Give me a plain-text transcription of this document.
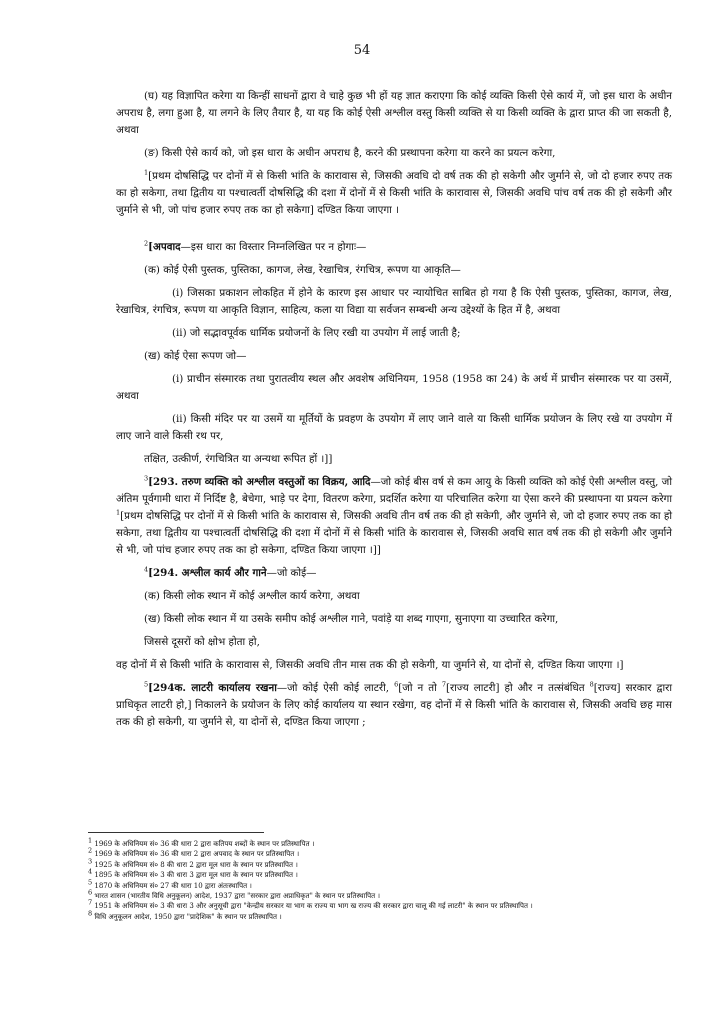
54

(घ) यह विज्ञापित करेगा या किन्हीं साधनों द्वारा वे चाहे कुछ भी हों यह ज्ञात कराएगा कि कोई व्यक्ति किसी ऐसे कार्य में, जो इस धारा के अधीन अपराध है, लगा हुआ है, या लगने के लिए तैयार है, या यह कि कोई ऐसी अश्लील वस्तु किसी व्यक्ति से या किसी व्यक्ति के द्वारा प्राप्त की जा सकती है, अथवा

(ङ) किसी ऐसे कार्य को, जो इस धारा के अधीन अपराध है, करने की प्रस्थापना करेगा या करने का प्रयत्न करेगा,

$^1$[प्रथम दोषसिद्धि पर दोनों में से किसी भांति के कारावास से, जिसकी अवधि दो वर्ष तक की हो सकेगी और जुर्माने से, जो दो हजार रुपए तक का हो सकेगा, तथा द्वितीय या पश्चात्वर्ती दोषसिद्धि की दशा में दोनों में से किसी भांति के कारावास से, जिसकी अवधि पांच वर्ष तक की हो सकेगी और जुर्माने से भी, जो पांच हजार रुपए तक का हो सकेगा] दण्डित किया जाएगा ।

$^2$[अपवाद—इस धारा का विस्तार निम्नलिखित पर न होगाः—

(क) कोई ऐसी पुस्तक, पुस्तिका, कागज, लेख, रेखाचित्र, रंगचित्र, रूपण या आकृति—

(i) जिसका प्रकाशन लोकहित में होने के कारण इस आधार पर न्यायोचित साबित हो गया है कि ऐसी पुस्तक, पुस्तिका, कागज, लेख, रेखाचित्र, रंगचित्र, रूपण या आकृति विज्ञान, साहित्य, कला या विद्या या सर्वजन सम्बन्धी अन्य उद्देश्यों के हित में है, अथवा

(ii) जो सद्भावपूर्वक धार्मिक प्रयोजनों के लिए रखी या उपयोग में लाई जाती है;

(ख) कोई ऐसा रूपण जो—

(i) प्राचीन संस्मारक तथा पुरातत्वीय स्थल और अवशेष अधिनियम, 1958 (1958 का 24) के अर्थ में प्राचीन संस्मारक पर या उसमें, अथवा

(ii) किसी मंदिर पर या उसमें या मूर्तियों के प्रवहण के उपयोग में लाए जाने वाले या किसी धार्मिक प्रयोजन के लिए रखे या उपयोग में लाए जाने वाले किसी रथ पर,

तक्षित, उत्कीर्ण, रंगचित्रित या अन्यथा रूपित हों ।]]

$^3$[293. तरुण व्यक्ति को अश्लील वस्तुओं का विक्रय, आदि—जो कोई बीस वर्ष से कम आयु के किसी व्यक्ति को कोई ऐसी अश्लील वस्तु, जो अंतिम पूर्वगामी धारा में निर्दिष्ट है, बेचेगा, भाड़े पर देगा, वितरण करेगा, प्रदर्शित करेगा या परिचालित करेगा या ऐसा करने की प्रस्थापना या प्रयत्न करेगा $^1$[प्रथम दोषसिद्धि पर दोनों में से किसी भांति के कारावास से, जिसकी अवधि तीन वर्ष तक की हो सकेगी, और जुर्माने से, जो दो हजार रुपए तक का हो सकेगा, तथा द्वितीय या पश्चात्वर्ती दोषसिद्धि की दशा में दोनों में से किसी भांति के कारावास से, जिसकी अवधि सात वर्ष तक की हो सकेगी और जुर्माने से भी, जो पांच हजार रुपए तक का हो सकेगा, दण्डित किया जाएगा ।]]

$^4$[294. अश्लील कार्य और गाने—जो कोई—

(क) किसी लोक स्थान में कोई अश्लील कार्य करेगा, अथवा

(ख) किसी लोक स्थान में या उसके समीप कोई अश्लील गाने, पवांड़े या शब्द गाएगा, सुनाएगा या उच्चारित करेगा,

जिससे दूसरों को क्षोभ होता हो,

वह दोनों में से किसी भांति के कारावास से, जिसकी अवधि तीन मास तक की हो सकेगी, या जुर्माने से, या दोनों से, दण्डित किया जाएगा ।]

$^5$[294क. लाटरी कार्यालय रखना—जो कोई ऐसी कोई लाटरी, $^6$[जो न तो $^7$[राज्य लाटरी] हो और न तत्संबंधित $^8$[राज्य] सरकार द्वारा प्राधिकृत लाटरी हो,] निकालने के प्रयोजन के लिए कोई कार्यालय या स्थान रखेगा, वह दोनों में से किसी भांति के कारावास से, जिसकी अवधि छह मास तक की हो सकेगी, या जुर्माने से, या दोनों से, दण्डित किया जाएगा ;

$^1$ 1969 के अधिनियम सं० 36 की धारा 2 द्वारा कतिपय शब्दों के स्थान पर प्रतिस्थापित ।
$^2$ 1969 के अधिनियम सं० 36 की धारा 2 द्वारा अपवाद के स्थान पर प्रतिस्थापित ।
$^3$ 1925 के अधिनियम सं० 8 की धारा 2 द्वारा मूल धारा के स्थान पर प्रतिस्थापित ।
$^4$ 1895 के अधिनियम सं० 3 की धारा 3 द्वारा मूल धारा के स्थान पर प्रतिस्थापित ।
$^5$ 1870 के अधिनियम सं० 27 की धारा 10 द्वारा अंतःस्थापित ।
$^6$ भारत शासन (भारतीय विधि अनुकूलन) आदेश, 1937 द्वारा "सरकार द्वारा अप्राधिकृत" के स्थान पर प्रतिस्थापित ।
$^7$ 1951 के अधिनियम सं० 3 की धारा 3 और अनुसूची द्वारा "केन्द्रीय सरकार या भाग क राज्य या भाग ख राज्य की सरकार द्वारा चालू की गई लाटरी" के स्थान पर प्रतिस्थापित ।
$^8$ विधि अनुकूलन आदेश, 1950 द्वारा "प्रादेशिक" के स्थान पर प्रतिस्थापित ।
